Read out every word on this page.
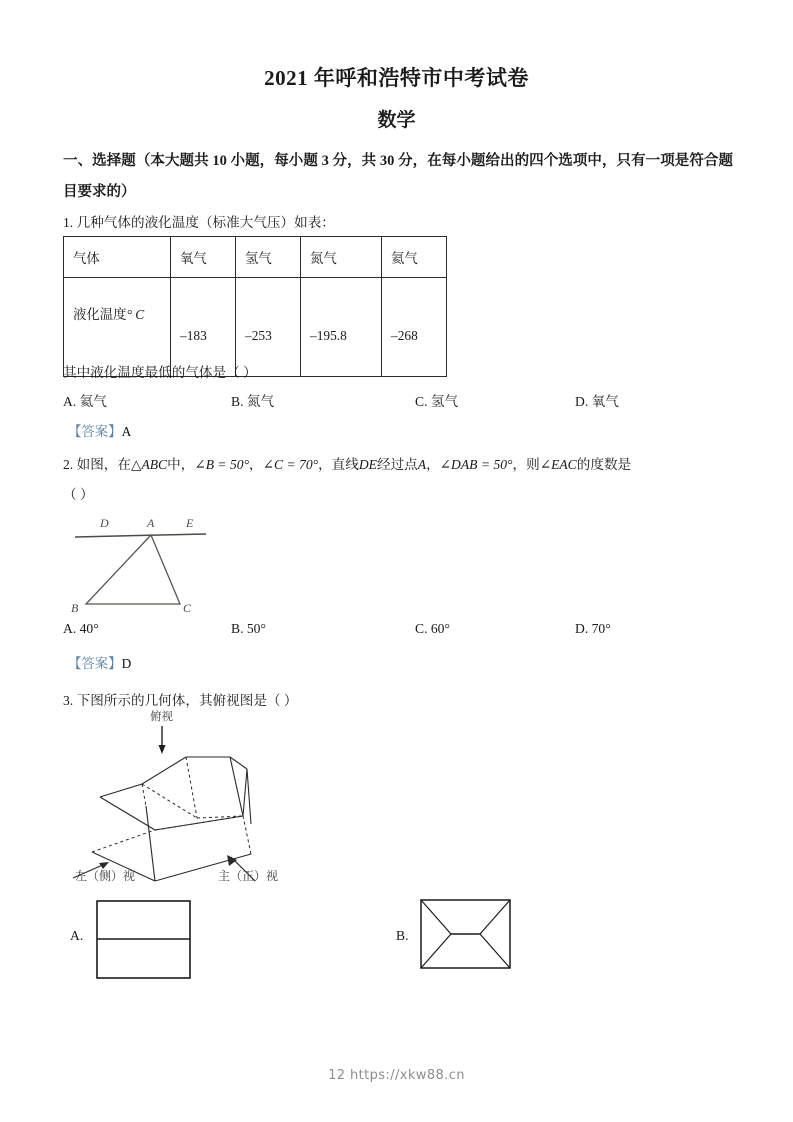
2021 年呼和浩特市中考试卷
数学
一、选择题（本大题共 10 小题，每小题 3 分，共 30 分，在每小题给出的四个选项中，只有一项是符合题目要求的）
1. 几种气体的液化温度（标准大气压）如表：
气体	氧气	氢气	氮气	氦气
液化温度° C	–183	–253	–195.8	–268
其中液化温度最低的气体是（ ）
A. 氦气	B. 氮气	C. 氢气	D. 氧气
【答案】A
2. 如图，在△ABC中，∠B = 50°，∠C = 70°，直线DE经过点A，∠DAB = 50°，则∠EAC的度数是
（ ）
D	A	E
B	C
A. 40°	B. 50°	C. 60°	D. 70°
【答案】D
3. 下图所示的几何体，其俯视图是（ ）
俯视
左（侧）视	主（正）视
A.	B.
12 https://xkw88.cn
